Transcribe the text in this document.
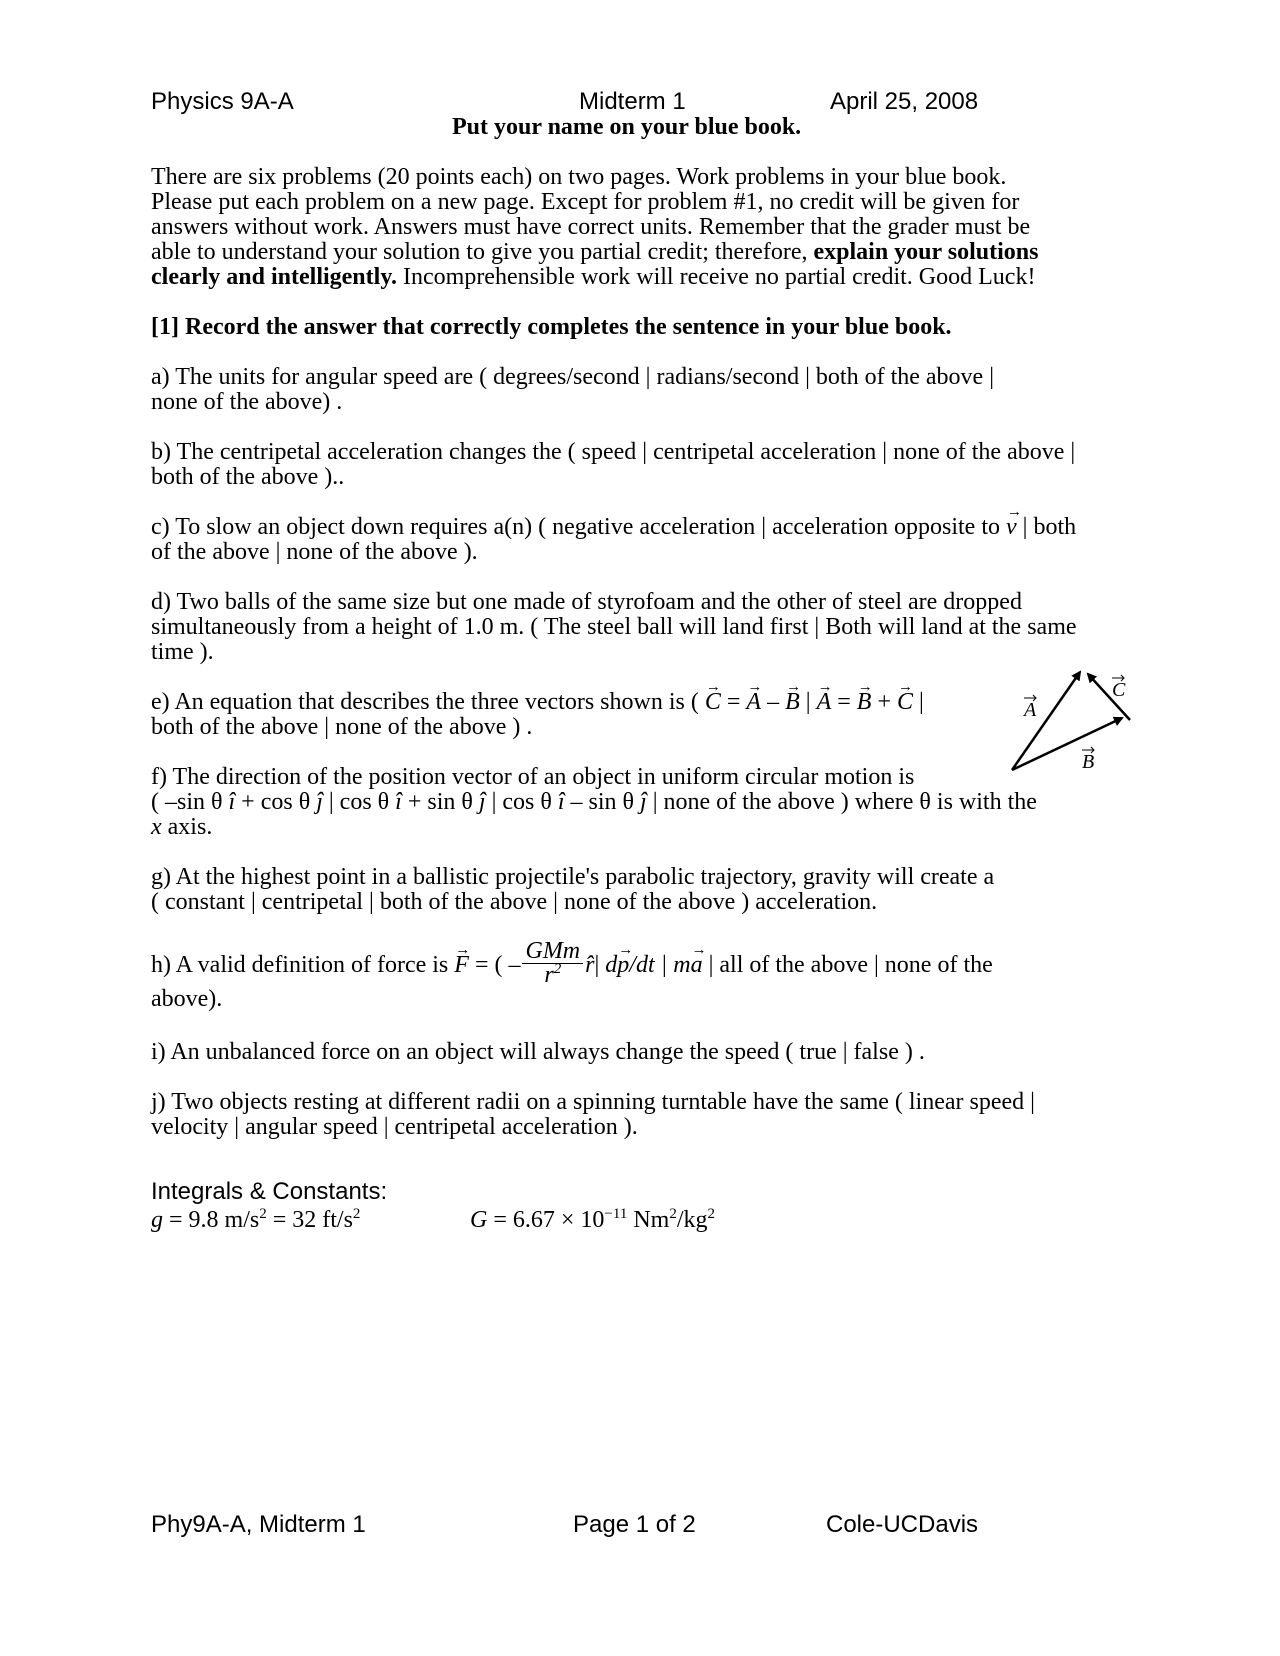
Physics 9A-A	Midterm 1	April 25, 2008
Put your name on your blue book.
There are six problems (20 points each) on two pages. Work problems in your blue book.
Please put each problem on a new page. Except for problem #1, no credit will be given for
answers without work. Answers must have correct units. Remember that the grader must be
able to understand your solution to give you partial credit; therefore, explain your solutions
clearly and intelligently. Incomprehensible work will receive no partial credit. Good Luck!
[1] Record the answer that correctly completes the sentence in your blue book.
a) The units for angular speed are ( degrees/second | radians/second | both of the above |
none of the above) .
b) The centripetal acceleration changes the ( speed | centripetal acceleration | none of the above |
both of the above )..
c) To slow an object down requires a(n) ( negative acceleration | acceleration opposite to → v | both
of the above | none of the above ).
d) Two balls of the same size but one made of styrofoam and the other of steel are dropped
simultaneously from a height of 1.0 m. ( The steel ball will land first | Both will land at the same
time ).
e) An equation that describes the three vectors shown is ( → C = → A – → B | → A = → B + → C |
both of the above | none of the above ) .
A
B
C
f) The direction of the position vector of an object in uniform circular motion is
( –sin θ î + cos θ ĵ | cos θ î + sin θ ĵ | cos θ î – sin θ ĵ | none of the above ) where θ is with the
x axis.
g) At the highest point in a ballistic projectile's parabolic trajectory, gravity will create a
( constant | centripetal | both of the above | none of the above ) acceleration.
h) A valid definition of force is → F = ( – $\frac{\text{GMm}}{r^2}$ r̂| d→ p/dt | m→ a | all of the above | none of the
above).
i) An unbalanced force on an object will always change the speed ( true | false ) .
j) Two objects resting at different radii on a spinning turntable have the same ( linear speed |
velocity | angular speed | centripetal acceleration ).
Integrals & Constants:
g = 9.8 $m/s^2 = 32$ $ft/s^2$	$G = 6.67 \times 10^{-11}$ $Nm^2/kg^2$
Phy9A-A, Midterm 1	Page 1 of 2	Cole-UCDavis
